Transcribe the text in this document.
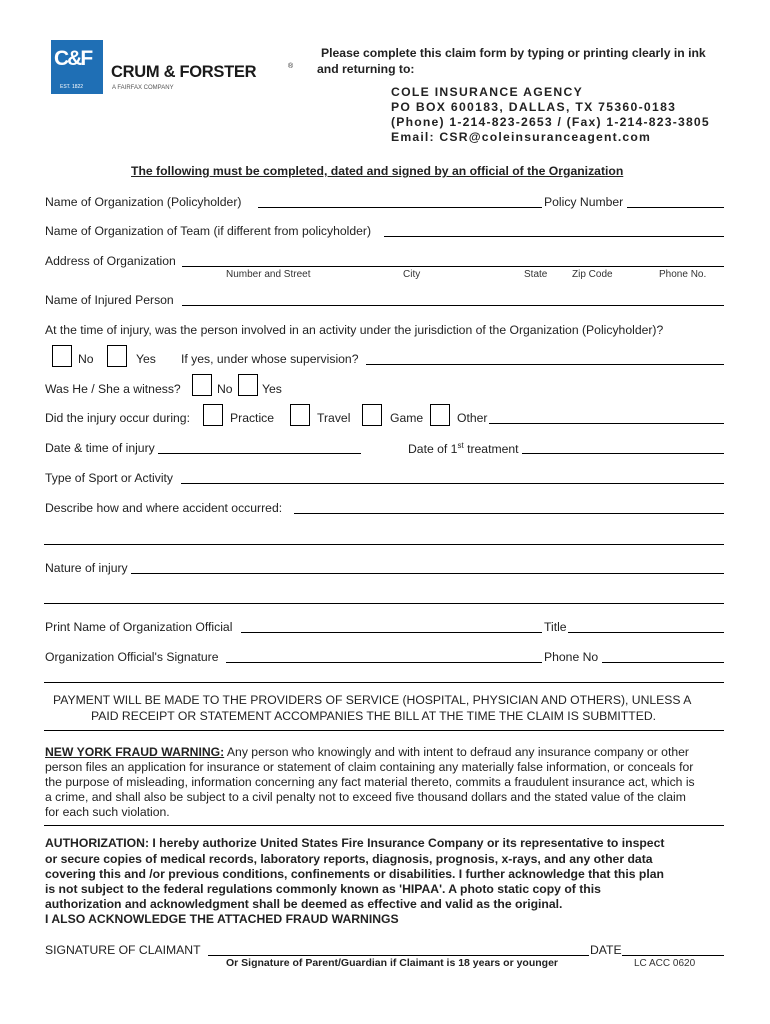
C&F
EST. 1822
CRUM & FORSTER	®
A FAIRFAX COMPANY
Please complete this claim form by typing or printing clearly in ink
and returning to:
COLE INSURANCE AGENCY
PO BOX 600183, DALLAS, TX 75360-0183
(Phone) 1-214-823-2653 / (Fax) 1-214-823-3805
Email: CSR@coleinsuranceagent.com
The following must be completed, dated and signed by an official of the Organization
Name of Organization (Policyholder)	Policy Number
Name of Organization of Team (if different from policyholder)
Address of Organization
Number and Street	City	State Zip Code	Phone No.
Name of Injured Person
At the time of injury, was the person involved in an activity under the jurisdiction of the Organization (Policyholder)?
No	Yes If yes, under whose supervision?
Was He / She a witness?	No Yes
Did the injury occur during:	Practice	Travel	Game	Other
Date & time of injury	Date of 1st treatment
Type of Sport or Activity
Describe how and where accident occurred:
Nature of injury
Print Name of Organization Official	Title
Organization Official's Signature	Phone No
PAYMENT WILL BE MADE TO THE PROVIDERS OF SERVICE (HOSPITAL, PHYSICIAN AND OTHERS), UNLESS A
PAID RECEIPT OR STATEMENT ACCOMPANIES THE BILL AT THE TIME THE CLAIM IS SUBMITTED.
NEW YORK FRAUD WARNING: Any person who knowingly and with intent to defraud any insurance company or other
person files an application for insurance or statement of claim containing any materially false information, or conceals for
the purpose of misleading, information concerning any fact material thereto, commits a fraudulent insurance act, which is
a crime, and shall also be subject to a civil penalty not to exceed five thousand dollars and the stated value of the claim
for each such violation.
AUTHORIZATION: I hereby authorize United States Fire Insurance Company or its representative to inspect
or secure copies of medical records, laboratory reports, diagnosis, prognosis, x-rays, and any other data
covering this and /or previous conditions, confinements or disabilities. I further acknowledge that this plan
is not subject to the federal regulations commonly known as 'HIPAA'. A photo static copy of this
authorization and acknowledgment shall be deemed as effective and valid as the original.
I ALSO ACKNOWLEDGE THE ATTACHED FRAUD WARNINGS
SIGNATURE OF CLAIMANT	DATE
Or Signature of Parent/Guardian if Claimant is 18 years or younger	LC ACC 0620
